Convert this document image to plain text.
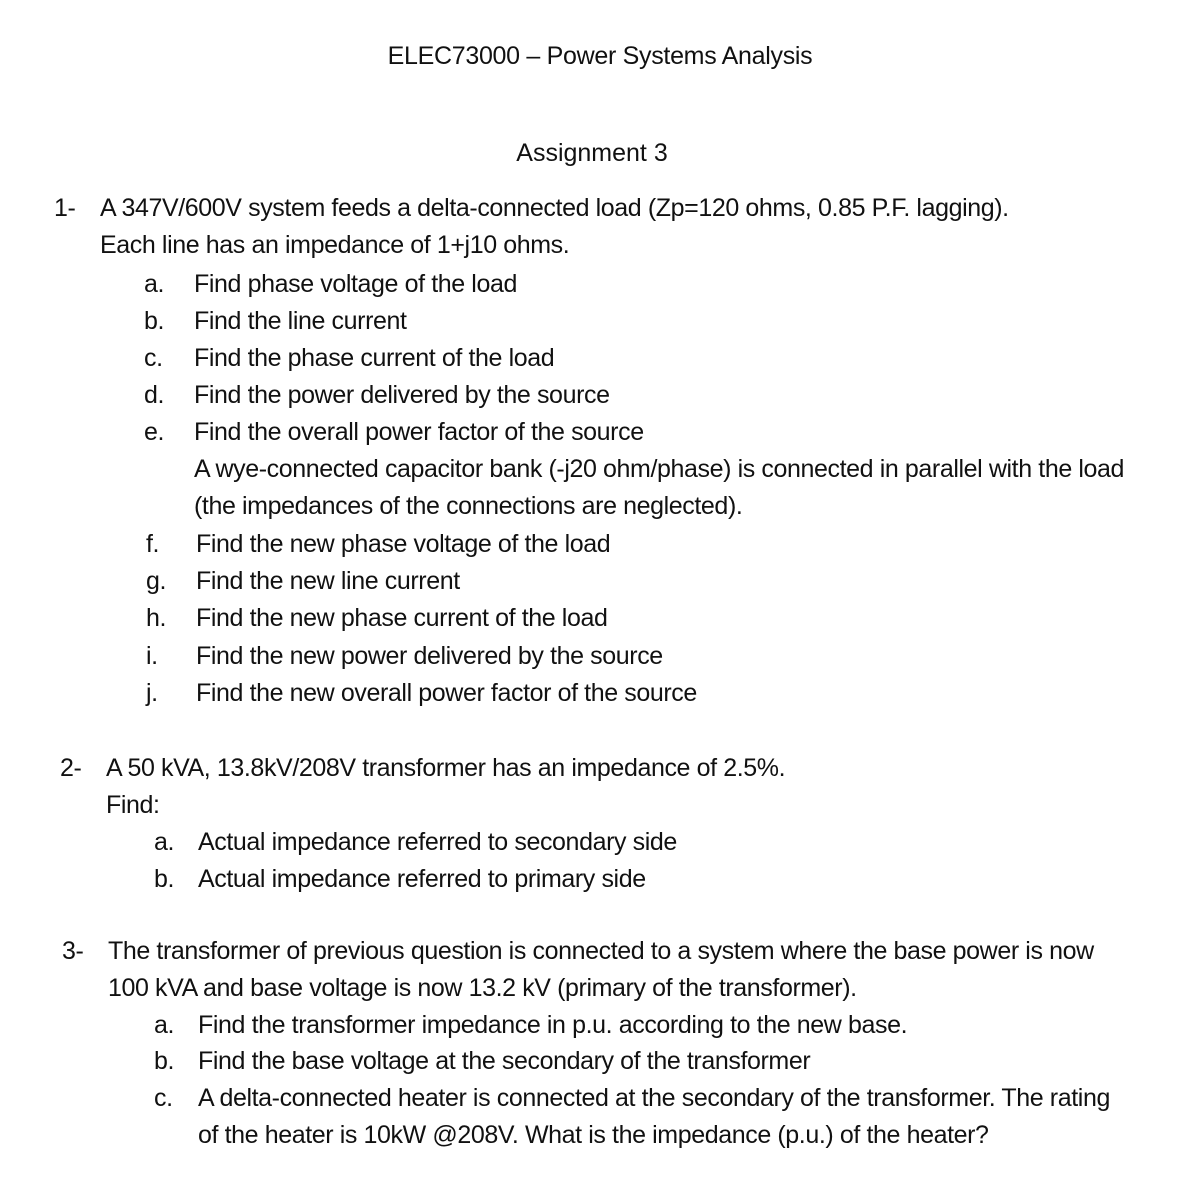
ELEC73000 – Power Systems Analysis
Assignment 3
1- A 347V/600V system feeds a delta-connected load (Zp=120 ohms, 0.85 P.F. lagging).
Each line has an impedance of 1+j10 ohms.
a. Find phase voltage of the load
b. Find the line current
c. Find the phase current of the load
d. Find the power delivered by the source
e. Find the overall power factor of the source
A wye-connected capacitor bank (-j20 ohm/phase) is connected in parallel with the load
(the impedances of the connections are neglected).
f. Find the new phase voltage of the load
g. Find the new line current
h. Find the new phase current of the load
i. Find the new power delivered by the source
j. Find the new overall power factor of the source
2- A 50 kVA, 13.8kV/208V transformer has an impedance of 2.5%.
Find:
a. Actual impedance referred to secondary side
b. Actual impedance referred to primary side
3- The transformer of previous question is connected to a system where the base power is now
100 kVA and base voltage is now 13.2 kV (primary of the transformer).
a. Find the transformer impedance in p.u. according to the new base.
b. Find the base voltage at the secondary of the transformer
c. A delta-connected heater is connected at the secondary of the transformer. The rating
of the heater is 10kW @208V. What is the impedance (p.u.) of the heater?
